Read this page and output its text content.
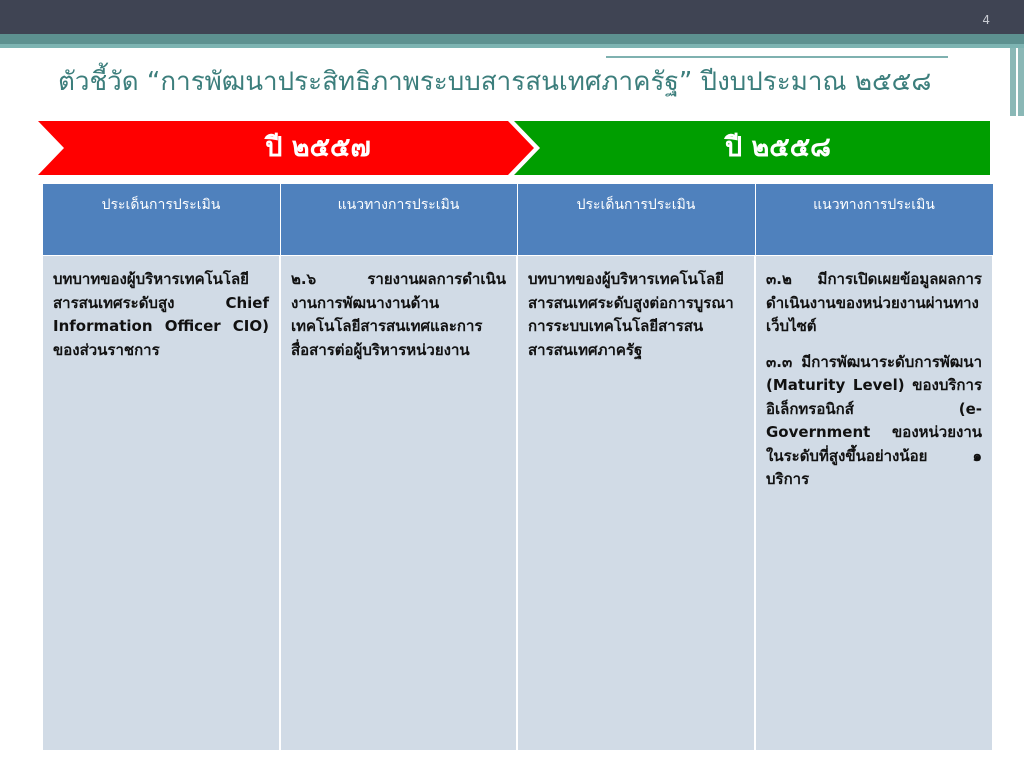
4
ตัวชี้วัด “การพัฒนาประสิทธิภาพระบบสารสนเทศภาครัฐ” ปีงบประมาณ ๒๕๕๘
ปี ๒๕๕๗	ปี ๒๕๕๘
ประเด็นการประเมิน	แนวทางการประเมิน	ประเด็นการประเมิน	แนวทางการประเมิน
บทบาทของผู้บริหารเทคโนโลยีสารสนเทศระดับสูง Chief Information Officer CIO) ของส่วนราชการ	๒.๖ รายงานผลการดำเนินงานการพัฒนางานด้านเทคโนโลยีสารสนเทศและการสื่อสารต่อผู้บริหารหน่วยงาน	บทบาทของผู้บริหารเทคโนโลยีสารสนเทศระดับสูงต่อการบูรณาการระบบเทคโนโลยีสารสนสารสนเทศภาครัฐ	๓.๒ มีการเปิดเผยข้อมูลผลการดำเนินงานของหน่วยงานผ่านทางเว็บไซต์
๓.๓ มีการพัฒนาระดับการพัฒนา (Maturity Level) ของบริการอิเล็กทรอนิกส์ (e-Government ของหน่วยงาน ในระดับที่สูงขึ้นอย่างน้อย ๑ บริการ
